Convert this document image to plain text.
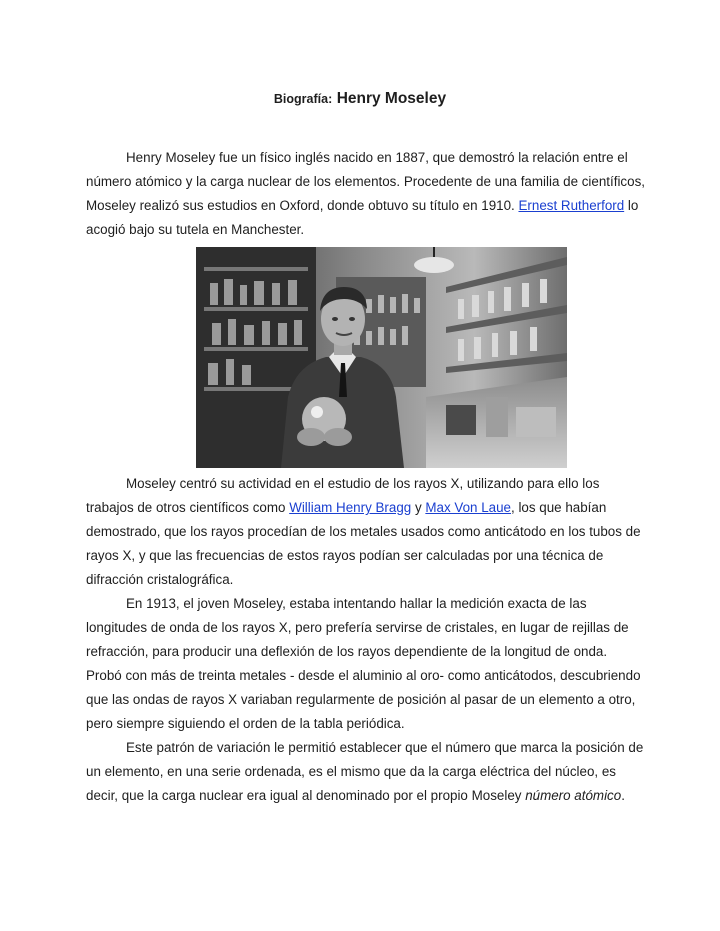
Biografía: Henry Moseley

Henry Moseley fue un físico inglés nacido en 1887, que demostró la relación entre el número atómico y la carga nuclear de los elementos. Procedente de una familia de científicos, Moseley realizó sus estudios en Oxford, donde obtuvo su título en 1910. Ernest Rutherford lo acogió bajo su tutela en Manchester.

Moseley centró su actividad en el estudio de los rayos X, utilizando para ello los trabajos de otros científicos como William Henry Bragg y Max Von Laue, los que habían demostrado, que los rayos procedían de los metales usados como anticátodo en los tubos de rayos X, y que las frecuencias de estos rayos podían ser calculadas por una técnica de difracción cristalográfica.

En 1913, el joven Moseley, estaba intentando hallar la medición exacta de las longitudes de onda de los rayos X, pero prefería servirse de cristales, en lugar de rejillas de refracción, para producir una deflexión de los rayos dependiente de la longitud de onda. Probó con más de treinta metales - desde el aluminio al oro- como anticátodos, descubriendo que las ondas de rayos X variaban regularmente de posición al pasar de un elemento a otro, pero siempre siguiendo el orden de la tabla periódica.

Este patrón de variación le permitió establecer que el número que marca la posición de un elemento, en una serie ordenada, es el mismo que da la carga eléctrica del núcleo, es decir, que la carga nuclear era igual al denominado por el propio Moseley número atómico.
